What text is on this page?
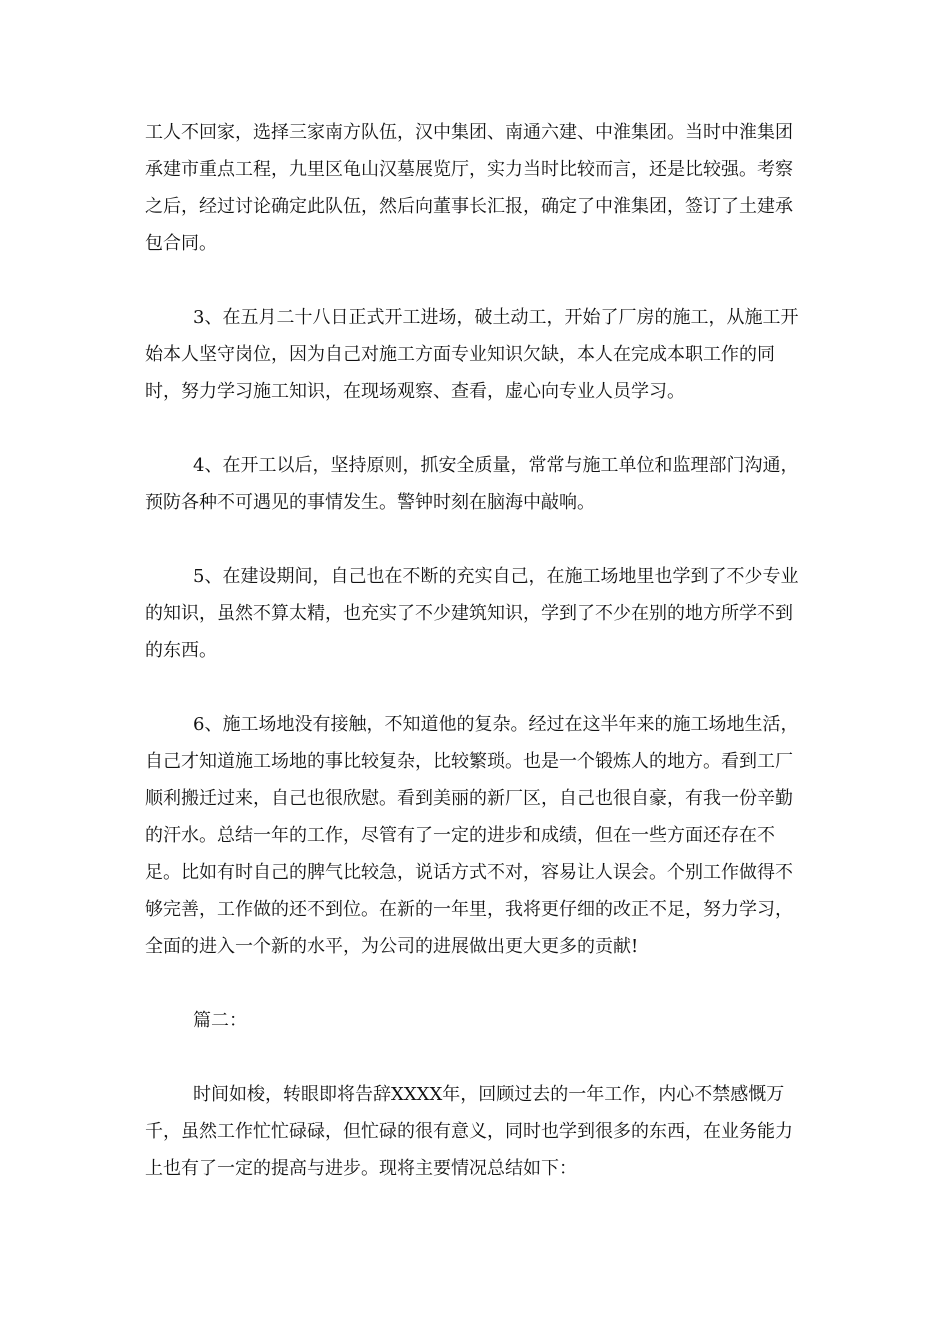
工人不回家，选择三家南方队伍，汉中集团、南通六建、中淮集团。当时中淮集团承建市重点工程，九里区龟山汉墓展览厅，实力当时比较而言，还是比较强。考察之后，经过讨论确定此队伍，然后向董事长汇报，确定了中淮集团，签订了土建承包合同。

3、在五月二十八日正式开工进场，破土动工，开始了厂房的施工，从施工开始本人坚守岗位，因为自己对施工方面专业知识欠缺，本人在完成本职工作的同时，努力学习施工知识，在现场观察、查看，虚心向专业人员学习。

4、在开工以后，坚持原则，抓安全质量，常常与施工单位和监理部门沟通，预防各种不可遇见的事情发生。警钟时刻在脑海中敲响。

5、在建设期间，自己也在不断的充实自己，在施工场地里也学到了不少专业的知识，虽然不算太精，也充实了不少建筑知识，学到了不少在别的地方所学不到的东西。

6、施工场地没有接触，不知道他的复杂。经过在这半年来的施工场地生活，自己才知道施工场地的事比较复杂，比较繁琐。也是一个锻炼人的地方。看到工厂顺利搬迁过来，自己也很欣慰。看到美丽的新厂区，自己也很自豪，有我一份辛勤的汗水。总结一年的工作，尽管有了一定的进步和成绩，但在一些方面还存在不足。比如有时自己的脾气比较急，说话方式不对，容易让人误会。个别工作做得不够完善，工作做的还不到位。在新的一年里，我将更仔细的改正不足，努力学习，全面的进入一个新的水平，为公司的进展做出更大更多的贡献!

篇二：

时间如梭，转眼即将告辞XXXX年，回顾过去的一年工作，内心不禁感慨万千，虽然工作忙忙碌碌，但忙碌的很有意义，同时也学到很多的东西，在业务能力上也有了一定的提高与进步。现将主要情况总结如下：
